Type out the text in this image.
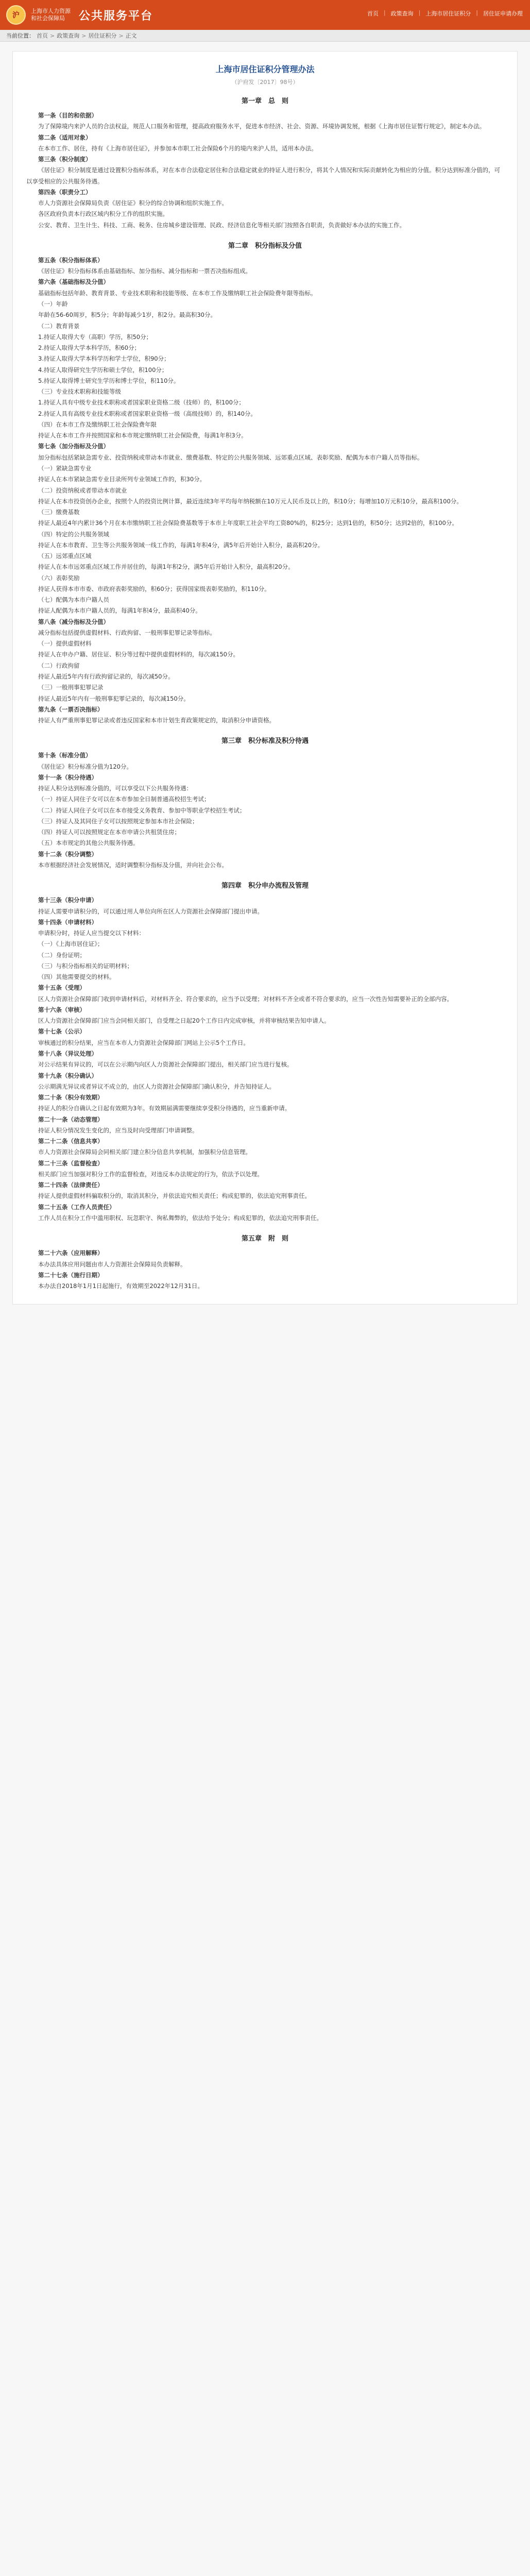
沪
上海市人力资源
和社会保障局	公共服务平台	首页 | 政策查询 | 上海市居住证积分 | 居住证申请办理
当前位置： 首页 > 政策查询 > 居住证积分 > 正文
上海市居住证积分管理办法
（沪府发〔2017〕98号）
第一章　总　则

第一条（目的和依据）

为了保障境内来沪人员的合法权益，规范人口服务和管理，提高政府服务水平，促进本市经济、社会、资源、环境协调发展，根据《上海市居住证暂行规定》，制定本办法。

第二条（适用对象）

在本市工作、居住，持有《上海市居住证》，并参加本市职工社会保险6个月的境内来沪人员，适用本办法。

第三条（积分制度）

《居住证》积分制度是通过设置积分指标体系，对在本市合法稳定居住和合法稳定就业的持证人进行积分，将其个人情况和实际贡献转化为相应的分值。积分达到标准分值的，可以享受相应的公共服务待遇。

第四条（职责分工）

市人力资源社会保障局负责《居住证》积分的综合协调和组织实施工作。

各区政府负责本行政区域内积分工作的组织实施。

公安、教育、卫生计生、科技、工商、税务、住房城乡建设管理、民政、经济信息化等相关部门按照各自职责，负责做好本办法的实施工作。

第二章　积分指标及分值

第五条（积分指标体系）

《居住证》积分指标体系由基础指标、加分指标、减分指标和一票否决指标组成。

第六条（基础指标及分值）

基础指标包括年龄、教育背景、专业技术职称和技能等级、在本市工作及缴纳职工社会保险费年限等指标。

（一）年龄

年龄在56-60周岁，积5分；年龄每减少1岁，积2分。最高积30分。

（二）教育背景

1.持证人取得大专（高职）学历，积50分；

2.持证人取得大学本科学历，积60分；

3.持证人取得大学本科学历和学士学位，积90分；

4.持证人取得研究生学历和硕士学位，积100分；

5.持证人取得博士研究生学历和博士学位，积110分。

（三）专业技术职称和技能等级

1.持证人具有中级专业技术职称或者国家职业资格二级（技师）的，积100分；

2.持证人具有高级专业技术职称或者国家职业资格一级（高级技师）的，积140分。

（四）在本市工作及缴纳职工社会保险费年限

持证人在本市工作并按照国家和本市规定缴纳职工社会保险费，每满1年积3分。

第七条（加分指标及分值）

加分指标包括紧缺急需专业、投资纳税或带动本市就业、缴费基数、特定的公共服务领域、远郊重点区域、表彰奖励、配偶为本市户籍人员等指标。

（一）紧缺急需专业

持证人在本市紧缺急需专业目录所列专业领域工作的，积30分。

（二）投资纳税或者带动本市就业

持证人在本市投资创办企业，按照个人的投资比例计算，最近连续3年平均每年纳税额在10万元人民币及以上的，积10分；每增加10万元积10分，最高积100分。

（三）缴费基数

持证人最近4年内累计36个月在本市缴纳职工社会保险费基数等于本市上年度职工社会平均工资80%的，积25分；达到1倍的，积50分；达到2倍的，积100分。

（四）特定的公共服务领域

持证人在本市教育、卫生等公共服务领域一线工作的，每满1年积4分，满5年后开始计入积分，最高积20分。

（五）远郊重点区域

持证人在本市远郊重点区域工作并居住的，每满1年积2分，满5年后开始计入积分，最高积20分。

（六）表彰奖励

持证人获得本市市委、市政府表彰奖励的，积60分；获得国家级表彰奖励的，积110分。

（七）配偶为本市户籍人员

持证人配偶为本市户籍人员的，每满1年积4分，最高积40分。

第八条（减分指标及分值）

减分指标包括提供虚假材料、行政拘留、一般刑事犯罪记录等指标。

（一）提供虚假材料

持证人在申办户籍、居住证、积分等过程中提供虚假材料的，每次减150分。

（二）行政拘留

持证人最近5年内有行政拘留记录的，每次减50分。

（三）一般刑事犯罪记录

持证人最近5年内有一般刑事犯罪记录的，每次减150分。

第九条（一票否决指标）

持证人有严重刑事犯罪记录或者违反国家和本市计划生育政策规定的，取消积分申请资格。

第三章　积分标准及积分待遇

第十条（标准分值）

《居住证》积分标准分值为120分。

第十一条（积分待遇）

持证人积分达到标准分值的，可以享受以下公共服务待遇：

（一）持证人同住子女可以在本市参加全日制普通高校招生考试；

（二）持证人同住子女可以在本市接受义务教育、参加中等职业学校招生考试；

（三）持证人及其同住子女可以按照规定参加本市社会保险；

（四）持证人可以按照规定在本市申请公共租赁住房；

（五）本市规定的其他公共服务待遇。

第十二条（积分调整）

本市根据经济社会发展情况，适时调整积分指标及分值，并向社会公布。

第四章　积分申办流程及管理

第十三条（积分申请）

持证人需要申请积分的，可以通过用人单位向所在区人力资源社会保障部门提出申请。

第十四条（申请材料）

申请积分时，持证人应当提交以下材料：

（一）《上海市居住证》；

（二）身份证明；

（三）与积分指标相关的证明材料；

（四）其他需要提交的材料。

第十五条（受理）

区人力资源社会保障部门收到申请材料后，对材料齐全、符合要求的，应当予以受理；对材料不齐全或者不符合要求的，应当一次性告知需要补正的全部内容。

第十六条（审核）

区人力资源社会保障部门应当会同相关部门，自受理之日起20个工作日内完成审核，并将审核结果告知申请人。

第十七条（公示）

审核通过的积分结果，应当在本市人力资源社会保障部门网站上公示5个工作日。

第十八条（异议处理）

对公示结果有异议的，可以在公示期内向区人力资源社会保障部门提出，相关部门应当进行复核。

第十九条（积分确认）

公示期满无异议或者异议不成立的，由区人力资源社会保障部门确认积分，并告知持证人。

第二十条（积分有效期）

持证人的积分自确认之日起有效期为3年。有效期届满需要继续享受积分待遇的，应当重新申请。

第二十一条（动态管理）

持证人积分情况发生变化的，应当及时向受理部门申请调整。

第二十二条（信息共享）

市人力资源社会保障局会同相关部门建立积分信息共享机制，加强积分信息管理。

第二十三条（监督检查）

相关部门应当加强对积分工作的监督检查，对违反本办法规定的行为，依法予以处理。

第二十四条（法律责任）

持证人提供虚假材料骗取积分的，取消其积分，并依法追究相关责任；构成犯罪的，依法追究刑事责任。

第二十五条（工作人员责任）

工作人员在积分工作中滥用职权、玩忽职守、徇私舞弊的，依法给予处分；构成犯罪的，依法追究刑事责任。

第五章　附　则

第二十六条（应用解释）

本办法具体应用问题由市人力资源社会保障局负责解释。

第二十七条（施行日期）

本办法自2018年1月1日起施行，有效期至2022年12月31日。
